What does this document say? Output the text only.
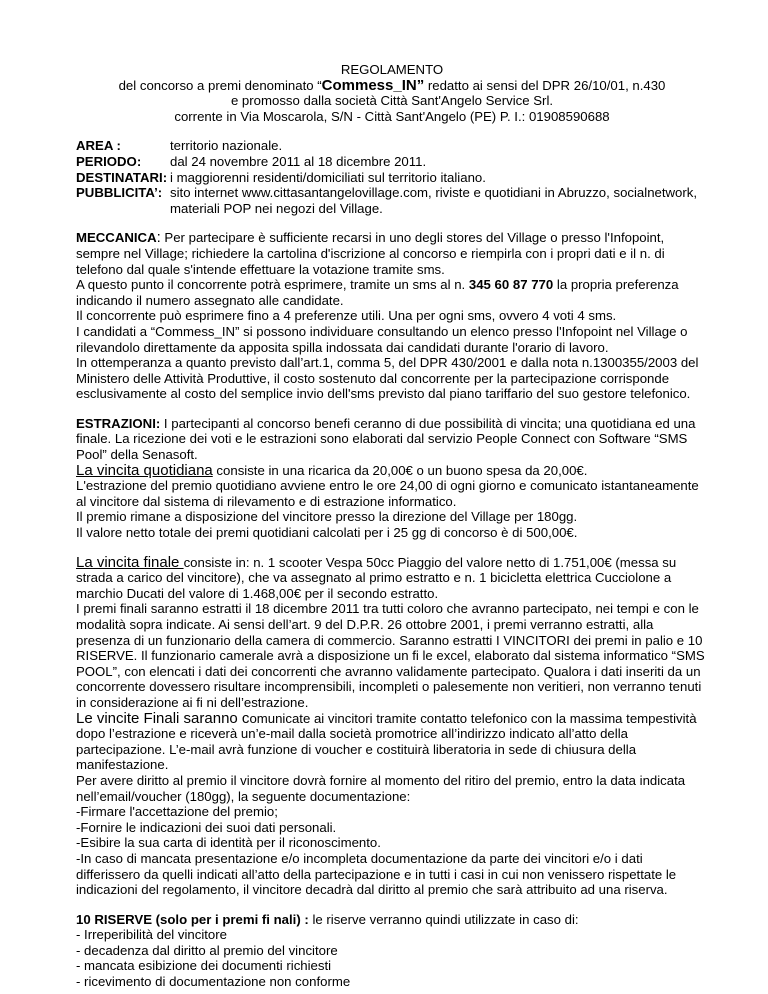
REGOLAMENTO
del concorso a premi denominato “Commess_IN” redatto ai sensi del DPR 26/10/01, n.430
e promosso dalla società Città Sant'Angelo Service Srl.
corrente in Via Moscarola, S/N - Città Sant'Angelo (PE) P. I.: 01908590688
AREA :	territorio nazionale.
PERIODO:	dal 24 novembre 2011 al 18 dicembre 2011.
DESTINATARI: i maggiorenni residenti/domiciliati sul territorio italiano.
PUBBLICITA’: sito internet www.cittasantangelovillage.com, riviste e quotidiani in Abruzzo, socialnetwork, materiali POP nei negozi del Village.
MECCANICA: Per partecipare è sufficiente recarsi in uno degli stores del Village o presso l'Infopoint, sempre nel Village; richiedere la cartolina d'iscrizione al concorso e riempirla con i propri dati e il n. di telefono dal quale s'intende effettuare la votazione tramite sms.
A questo punto il concorrente potrà esprimere, tramite un sms al n. 345 60 87 770 la propria preferenza indicando il numero assegnato alle candidate.
Il concorrente può esprimere fino a 4 preferenze utili. Una per ogni sms, ovvero 4 voti 4 sms.
I candidati a “Commess_IN” si possono individuare consultando un elenco presso l'Infopoint nel Village o rilevandolo direttamente da apposita spilla indossata dai candidati durante l'orario di lavoro.
In ottemperanza a quanto previsto dall’art.1, comma 5, del DPR 430/2001 e dalla nota n.1300355/2003 del Ministero delle Attività Produttive, il costo sostenuto dal concorrente per la partecipazione corrisponde esclusivamente al costo del semplice invio dell'sms previsto dal piano tariffario del suo gestore telefonico.
ESTRAZIONI: I partecipanti al concorso benefi ceranno di due possibilità di vincita; una quotidiana ed una finale. La ricezione dei voti e le estrazioni sono elaborati dal servizio People Connect con Software “SMS Pool” della Senasoft.
La vincita quotidiana consiste in una ricarica da 20,00€ o un buono spesa da 20,00€.
L'estrazione del premio quotidiano avviene entro le ore 24,00 di ogni giorno e comunicato istantaneamente al vincitore dal sistema di rilevamento e di estrazione informatico.
Il premio rimane a disposizione del vincitore presso la direzione del Village per 180gg.
Il valore netto totale dei premi quotidiani calcolati per i 25 gg di concorso è di 500,00€.
La vincita finale consiste in: n. 1 scooter Vespa 50cc Piaggio del valore netto di 1.751,00€ (messa su strada a carico del vincitore), che va assegnato al primo estratto e n. 1 bicicletta elettrica Cucciolone a marchio Ducati del valore di 1.468,00€ per il secondo estratto.
I premi finali saranno estratti il 18 dicembre 2011 tra tutti coloro che avranno partecipato, nei tempi e con le modalità sopra indicate. Ai sensi dell’art. 9 del D.P.R. 26 ottobre 2001, i premi verranno estratti, alla presenza di un funzionario della camera di commercio. Saranno estratti I VINCITORI dei premi in palio e 10 RISERVE. Il funzionario camerale avrà a disposizione un fi le excel, elaborato dal sistema informatico “SMS POOL”, con elencati i dati dei concorrenti che avranno validamente partecipato. Qualora i dati inseriti da un concorrente dovessero risultare incomprensibili, incompleti o palesemente non veritieri, non verranno tenuti in considerazione ai fi ni dell’estrazione.
Le vincite Finali saranno comunicate ai vincitori tramite contatto telefonico con la massima tempestività dopo l’estrazione e riceverà un’e-mail dalla società promotrice all’indirizzo indicato all’atto della partecipazione. L’e-mail avrà funzione di voucher e costituirà liberatoria in sede di chiusura della manifestazione.
Per avere diritto al premio il vincitore dovrà fornire al momento del ritiro del premio, entro la data indicata nell’email/voucher (180gg), la seguente documentazione:
-Firmare l'accettazione del premio;
-Fornire le indicazioni dei suoi dati personali.
-Esibire la sua carta di identità per il riconoscimento.
-In caso di mancata presentazione e/o incompleta documentazione da parte dei vincitori e/o i dati differissero da quelli indicati all’atto della partecipazione e in tutti i casi in cui non venissero rispettate le indicazioni del regolamento, il vincitore decadrà dal diritto al premio che sarà attribuito ad una riserva.
10 RISERVE (solo per i premi fi nali) : le riserve verranno quindi utilizzate in caso di:
- Irreperibilità del vincitore
- decadenza dal diritto al premio del vincitore
- mancata esibizione dei documenti richiesti
- ricevimento di documentazione non conforme
